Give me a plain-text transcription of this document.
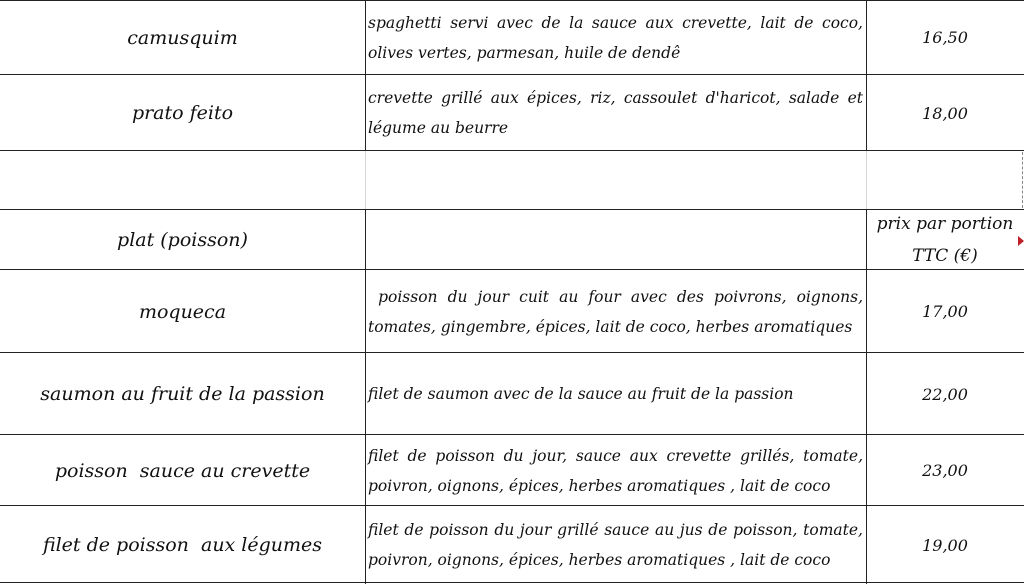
camusquim
spaghetti servi avec de la sauce aux crevette, lait de coco, olives vertes, parmesan, huile de dendê
16,50
prato feito
crevette grillé aux épices, riz, cassoulet d'haricot, salade et légume au beurre
18,00
plat (poisson)
prix par portion
TTC (€)
moqueca
poisson du jour cuit au four avec des poivrons, oignons, tomates, gingembre, épices, lait de coco, herbes aromatiques
17,00
saumon au fruit de la passion	filet de saumon avec de la sauce au fruit de la passion	22,00
poisson  sauce au crevette
filet de poisson du jour, sauce aux crevette grillés, tomate, poivron, oignons, épices, herbes aromatiques , lait de coco
23,00
filet de poisson  aux légumes
filet de poisson du jour grillé sauce au jus de poisson, tomate, poivron, oignons, épices, herbes aromatiques , lait de coco
19,00
